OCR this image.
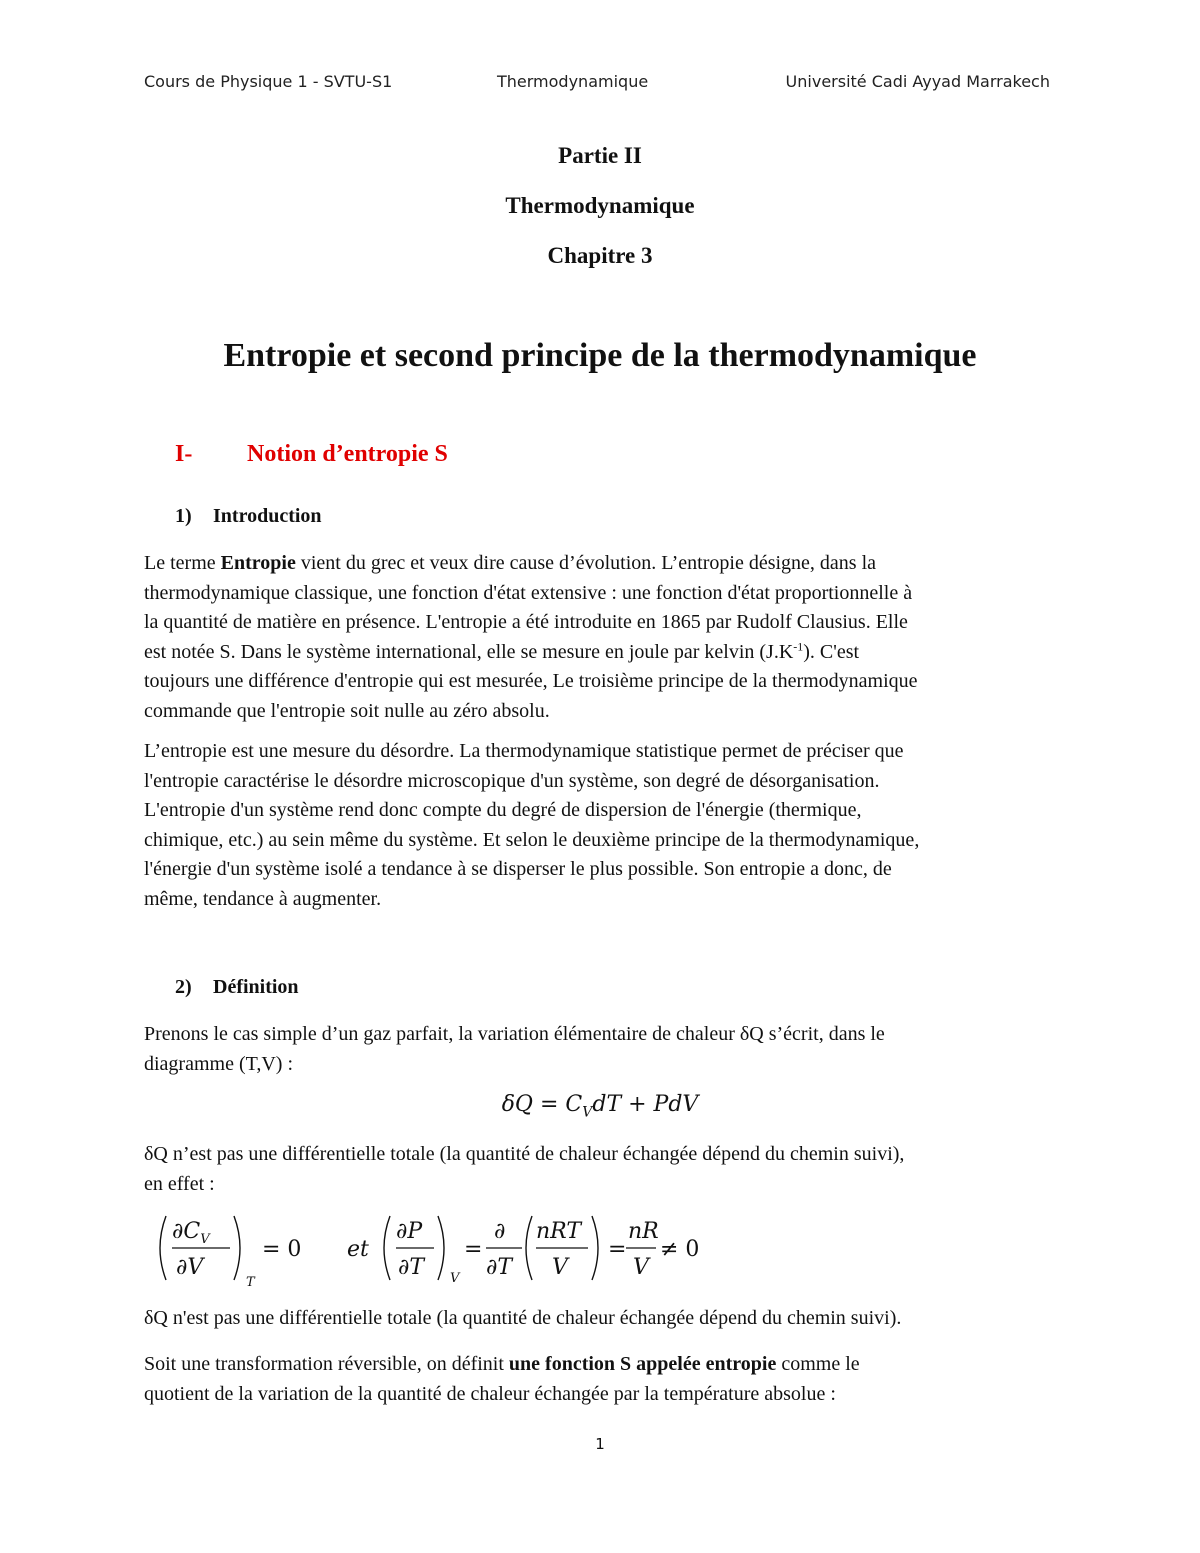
Cours de Physique 1 - SVTU-S1	Thermodynamique	Université Cadi Ayyad Marrakech
Partie II
Thermodynamique
Chapitre 3
Entropie et second principe de la thermodynamique
I- Notion d’entropie S
1) Introduction
Le terme Entropie vient du grec et veux dire cause d’évolution. L’entropie désigne, dans la
thermodynamique classique, une fonction d'état extensive : une fonction d'état proportionnelle à
la quantité de matière en présence. L'entropie a été introduite en 1865 par Rudolf Clausius. Elle
est notée S. Dans le système international, elle se mesure en joule par kelvin $(J.K^{-1})$. C'est
toujours une différence d'entropie qui est mesurée, Le troisième principe de la thermodynamique
commande que l'entropie soit nulle au zéro absolu.
L’entropie est une mesure du désordre. La thermodynamique statistique permet de préciser que
l'entropie caractérise le désordre microscopique d'un système, son degré de désorganisation.
L'entropie d'un système rend donc compte du degré de dispersion de l'énergie (thermique,
chimique, etc.) au sein même du système. Et selon le deuxième principe de la thermodynamique,
l'énergie d'un système isolé a tendance à se disperser le plus possible. Son entropie a donc, de
même, tendance à augmenter.
2) Définition
Prenons le cas simple d’un gaz parfait, la variation élémentaire de chaleur δQ s’écrit, dans le
diagramme (T,V) :
$\delta Q = C_VdT$ + PdV
δQ n’est pas une différentielle totale (la quantité de chaleur échangée dépend du chemin suivi),
en effet :
$\partial C_V$
∂V
T
= 0 et
∂P
∂T V
=
∂
∂T
nRT
V
=
nR
V
≠ 0
δQ n'est pas une différentielle totale (la quantité de chaleur échangée dépend du chemin suivi).
Soit une transformation réversible, on définit une fonction S appelée entropie comme le
quotient de la variation de la quantité de chaleur échangée par la température absolue :
1
